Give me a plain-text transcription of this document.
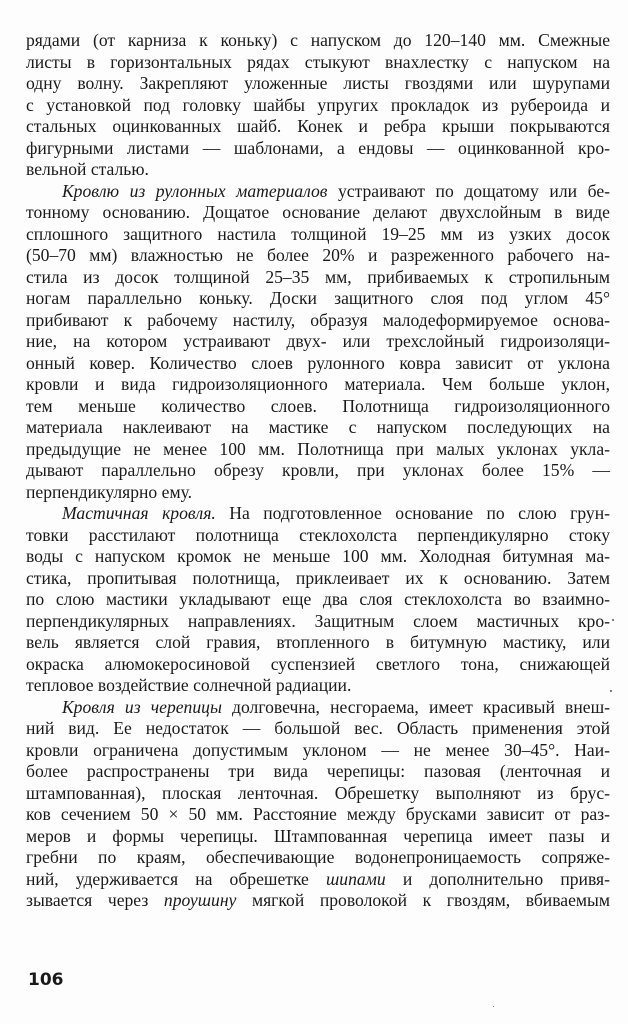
рядами (от карниза к коньку) с напуском до 120–140 мм. Смежные
листы в горизонтальных рядах стыкуют внахлестку с напуском на
одну волну. Закрепляют уложенные листы гвоздями или шурупами
с установкой под головку шайбы упругих прокладок из рубероида и
стальных оцинкованных шайб. Конек и ребра крыши покрываются
фигурными листами — шаблонами, а ендовы — оцинкованной кро-
вельной сталью.
Кровлю из рулонных материалов устраивают по дощатому или бе-
тонному основанию. Дощатое основание делают двухслойным в виде
сплошного защитного настила толщиной 19–25 мм из узких досок
(50–70 мм) влажностью не более 20% и разреженного рабочего на-
стила из досок толщиной 25–35 мм, прибиваемых к стропильным
ногам параллельно коньку. Доски защитного слоя под углом 45°
прибивают к рабочему настилу, образуя малодеформируемое основа-
ние, на котором устраивают двух- или трехслойный гидроизоляци-
онный ковер. Количество слоев рулонного ковра зависит от уклона
кровли и вида гидроизоляционного материала. Чем больше уклон,
тем меньше количество слоев. Полотнища гидроизоляционного
материала наклеивают на мастике с напуском последующих на
предыдущие не менее 100 мм. Полотнища при малых уклонах укла-
дывают параллельно обрезу кровли, при уклонах более 15% —
перпендикулярно ему.
Мастичная кровля. На подготовленное основание по слою грун-
товки расстилают полотнища стеклохолста перпендикулярно стоку
воды с напуском кромок не меньше 100 мм. Холодная битумная ма-
стика, пропитывая полотнища, приклеивает их к основанию. Затем
по слою мастики укладывают еще два слоя стеклохолста во взаимно-
перпендикулярных направлениях. Защитным слоем мастичных кро-
вель является слой гравия, втопленного в битумную мастику, или
окраска алюмокеросиновой суспензией светлого тона, снижающей
тепловое воздействие солнечной радиации.
Кровля из черепицы долговечна, несгораема, имеет красивый внеш-
ний вид. Ее недостаток — большой вес. Область применения этой
кровли ограничена допустимым уклоном — не менее 30–45°. Наи-
более распространены три вида черепицы: пазовая (ленточная и
штампованная), плоская ленточная. Обрешетку выполняют из брус-
ков сечением 50 × 50 мм. Расстояние между брусками зависит от раз-
меров и формы черепицы. Штампованная черепица имеет пазы и
гребни по краям, обеспечивающие водонепроницаемость сопряже-
ний, удерживается на обрешетке шипами и дополнительно привя-
зывается через проушину мягкой проволокой к гвоздям, вбиваемым
106
